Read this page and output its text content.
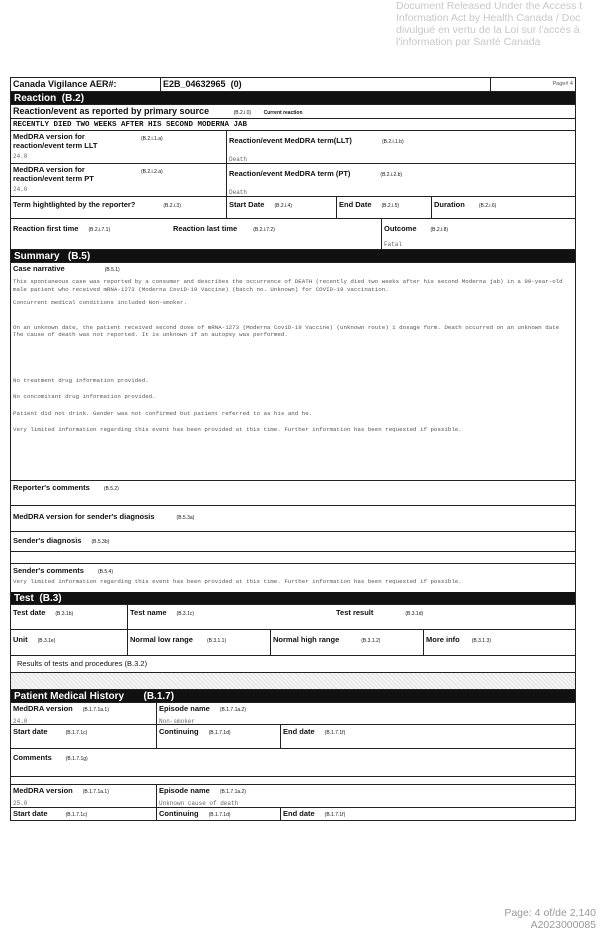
Document Released Under the Access t
Information Act by Health Canada / Doc
divulgué en vertu de la Loi sur l'accès à
l'information par Santé Canada
Canada Vigilance AER#:	E2B_04632965 (0)	Page# 4
Reaction
(B.2)
Reaction/event as reported by primary source	(B.2.i.0)	Current reaction
RECENTLY DIED TWO WEEKS AFTER HIS SECOND MODERNA JAB
MedDRA version for reaction/event term LLT
(B.2.i.1.a)
24.0
Reaction/event MedDRA term(LLT)	(B.2.i.1.b)
Death
MedDRA version for reaction/event term PT
(B.2.i.2.a)
24.0
Reaction/event MedDRA term (PT)	(B.2.i.2.b)
Death
Term hightlighted by the reporter?	(B.2.i.3)	Start Date (B.2.i.4)	End Date (B.2.i.5)	Duration	(B.2.i.6)
Reaction first time (B.2.i.7.1)	Reaction last time	(B.2.i.7.2)	Outcome	(B.2.i.8)
Fatal
Summary
(B.5)
Case narrative	(B.5.1)

This spontaneous case was reported by a consumer and describes the occurrence of DEATH (recently died two weeks after his second Moderna jab) in a 90-year-old male patient who received mRNA-1273 (Moderna CoviD-19 Vaccine) (batch no. Unknown) for COVID-19 vaccination.

Concurrent medical conditions included Non-smoker.

On an unknown date, the patient received second dose of mRNA-1273 (Moderna CoviD-19 Vaccine) (unknown route) 1 dosage form. Death occurred on an unknown date The cause of death was not reported. It is unknown if an autopsy was performed.

No treatment drug information provided.

No concomitant drug information provided.

Patient did not drink. Gender was not confirmed but patient referred to as his and he.

Very limited information regarding this event has been provided at this time. Further information has been requested if possible.

Reporter's comments	(B.5.2)
MedDRA version for sender's diagnosis	(B.5.3a)
Sender's diagnosis (B.5.3b)
Sender's comments	(B.5.4)
Very limited information regarding this event has been provided at this time. Further information has been requested if possible.
Test
(B.3)
Test date (B.3.1b)	Test name (B.3.1c)	Test result	(B.3.1d)
Unit (B.3.1e)	Normal low range	(B.3.1.1)	Normal high range	(B.3.1.2)	More info (B.3.1.3)
Results of tests and procedures (B.3.2)
Patient Medical History
(B.1.7)
MedDRA version (B.1.7.1a.1)
24.0
Episode name (B.1.7.1a.2)
Non-smoker
Start date	(B.1.7.1c)	Continuing (B.1.7.1d)	End date (B.1.7.1f)
Comments	(B.1.7.1g)
MedDRA version (B.1.7.1a.1)
25.0
Episode name (B.1.7.1a.2)
Unknown cause of death
Start date	(B.1.7.1c)	Continuing (B.1.7.1d)	End date (B.1.7.1f)
Page: 4 of/de 2,140
A2023000085
